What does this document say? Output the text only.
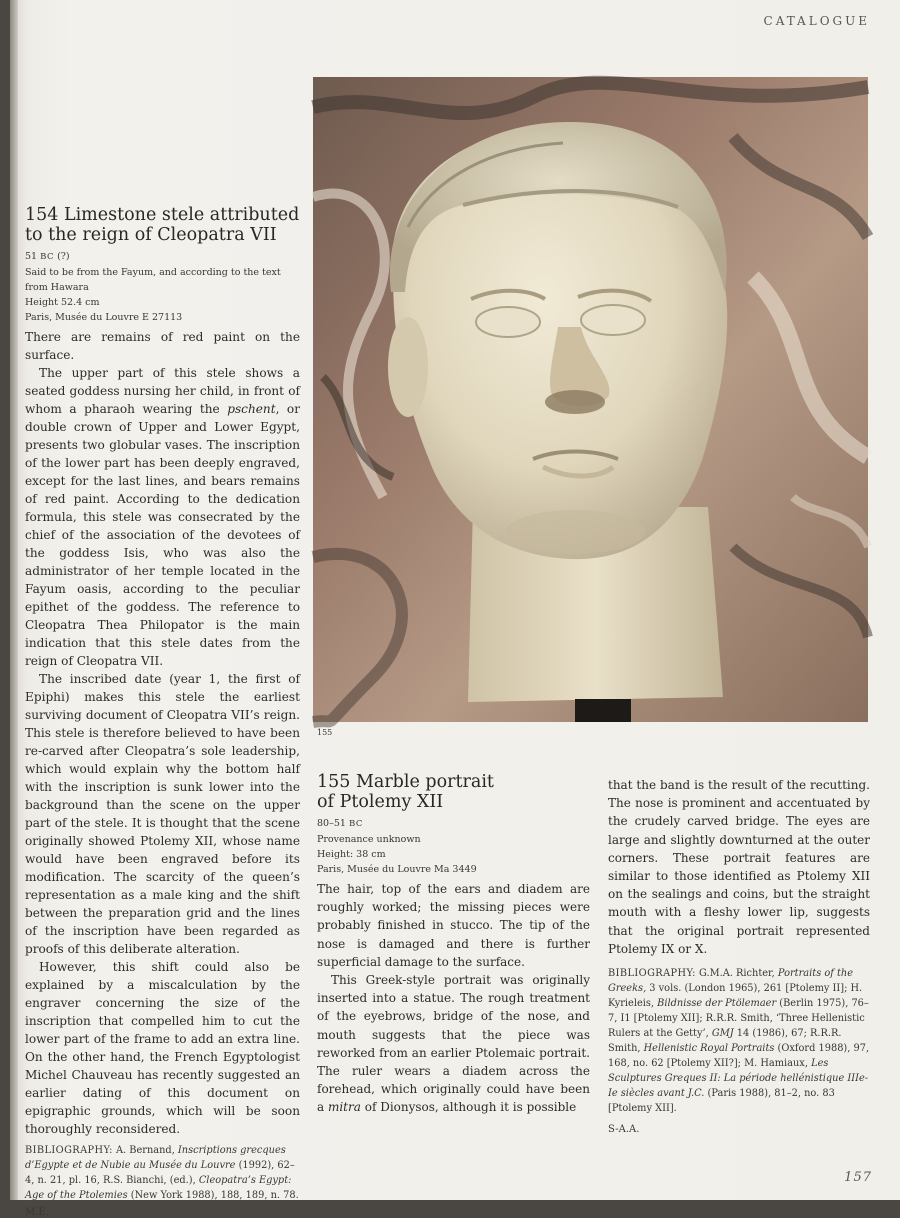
CATALOGUE
154 Limestone stele attributed
to the reign of Cleopatra VII
51 BC (?)
Said to be from the Fayum, and according to the text from Hawara
Height 52.4 cm
Paris, Musée du Louvre E 27113

There are remains of red paint on the surface.

The upper part of this stele shows a seated goddess nursing her child, in front of whom a pharaoh wearing the pschent, or double crown of Upper and Lower Egypt, presents two globular vases. The inscription of the lower part has been deeply engraved, except for the last lines, and bears remains of red paint. According to the dedication formula, this stele was consecrated by the chief of the association of the devotees of the goddess Isis, who was also the administrator of her temple located in the Fayum oasis, according to the peculiar epithet of the goddess. The reference to Cleopatra Thea Philopator is the main indication that this stele dates from the reign of Cleopatra VII.

The inscribed date (year 1, the first of Epiphi) makes this stele the earliest surviving document of Cleopatra VII’s reign. This stele is therefore believed to have been re-carved after Cleopatra’s sole leadership, which would explain why the bottom half with the inscription is sunk lower into the background than the scene on the upper part of the stele. It is thought that the scene originally showed Ptolemy XII, whose name would have been engraved before its modification. The scarcity of the queen’s representation as a male king and the shift between the preparation grid and the lines of the inscription have been regarded as proofs of this deliberate alteration.

However, this shift could also be explained by a miscalculation by the engraver concerning the size of the inscription that compelled him to cut the lower part of the frame to add an extra line. On the other hand, the French Egyptologist Michel Chauveau has recently suggested an earlier dating of this document on epigraphic grounds, which will be soon thoroughly reconsidered.

BIBLIOGRAPHY: A. Bernand, Inscriptions grecques d’Egypte et de Nubie au Musée du Louvre (1992), 62–4, n. 21, pl. 16, R.S. Bianchi, (ed.), Cleopatra’s Egypt: Age of the Ptolemies (New York 1988), 188, 189, n. 78.
M.É.
155
155 Marble portrait
of Ptolemy XII
80–51 BC
Provenance unknown
Height: 38 cm
Paris, Musée du Louvre Ma 3449

The hair, top of the ears and diadem are roughly worked; the missing pieces were probably finished in stucco. The tip of the nose is damaged and there is further superficial damage to the surface.

This Greek-style portrait was originally inserted into a statue. The rough treatment of the eyebrows, bridge of the nose, and mouth suggests that the piece was reworked from an earlier Ptolemaic portrait. The ruler wears a diadem across the forehead, which originally could have been a mitra of Dionysos, although it is possible

that the band is the result of the recutting. The nose is prominent and accentuated by the crudely carved bridge. The eyes are large and slightly downturned at the outer corners. These portrait features are similar to those identified as Ptolemy XII on the sealings and coins, but the straight mouth with a fleshy lower lip, suggests that the original portrait represented Ptolemy IX or X.

BIBLIOGRAPHY: G.M.A. Richter, Portraits of the Greeks, 3 vols. (London 1965), 261 [Ptolemy II]; H. Kyrieleis, Bildnisse der Ptölemaer (Berlin 1975), 76–7, I1 [Ptolemy XII]; R.R.R. Smith, ‘Three Hellenistic Rulers at the Getty’, GMJ 14 (1986), 67; R.R.R. Smith, Hellenistic Royal Portraits (Oxford 1988), 97, 168, no. 62 [Ptolemy XII?]; M. Hamiaux, Les Sculptures Greques II: La période hellénistique IIIe-Ie siècles avant J.C. (Paris 1988), 81–2, no. 83 [Ptolemy XII].
S-A.A.
157
